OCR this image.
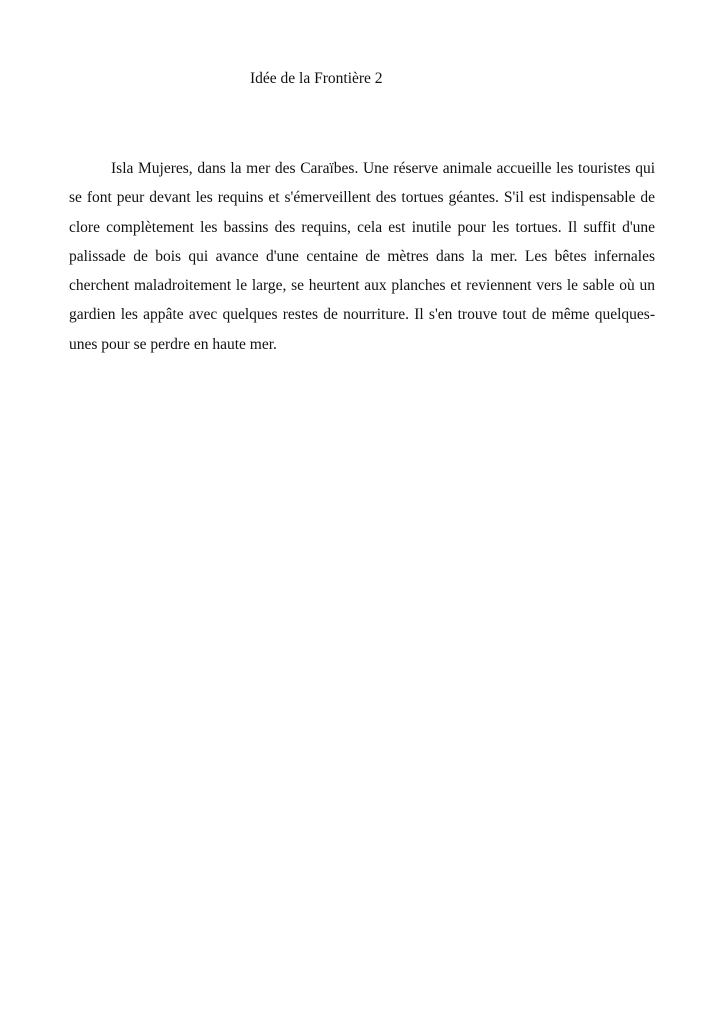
Idée de la Frontière 2

Isla Mujeres, dans la mer des Caraïbes. Une réserve animale accueille les touristes qui se font peur devant les requins et s'émerveillent des tortues géantes. S'il est indispensable de clore complètement les bassins des requins, cela est inutile pour les tortues. Il suffit d'une palissade de bois qui avance d'une centaine de mètres dans la mer. Les bêtes infernales cherchent maladroitement le large, se heurtent aux planches et reviennent vers le sable où un gardien les appâte avec quelques restes de nourriture. Il s'en trouve tout de même quelques-unes pour se perdre en haute mer.
